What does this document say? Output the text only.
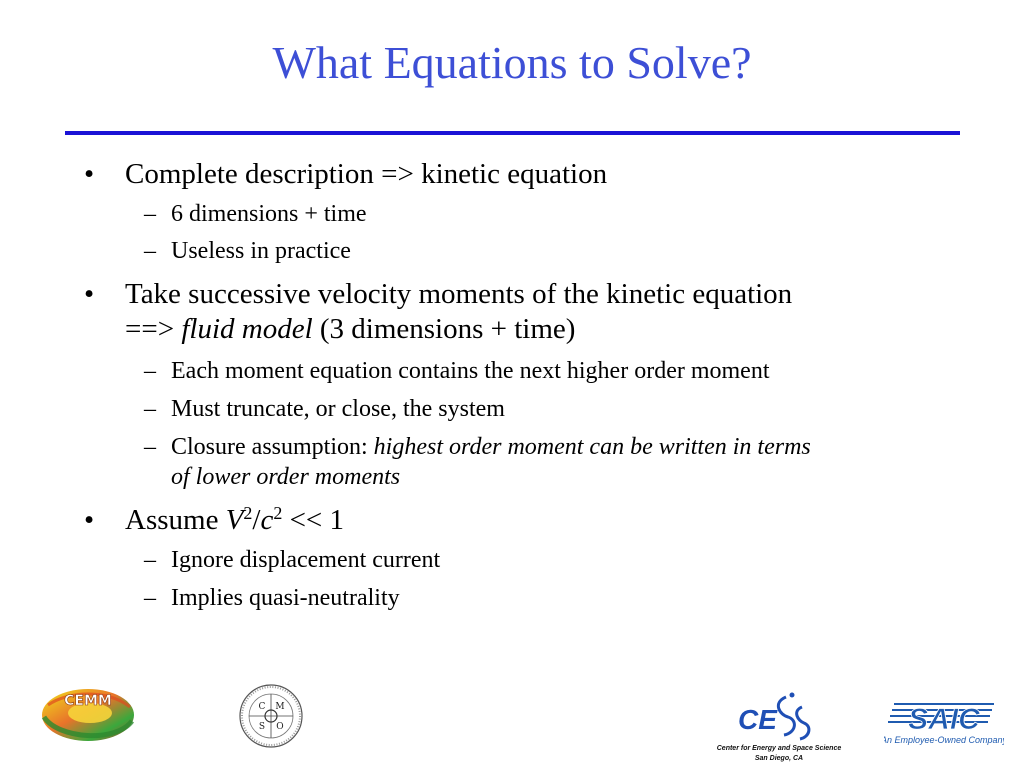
What Equations to Solve?
• Complete description => kinetic equation
– 6 dimensions + time
– Useless in practice
• Take successive velocity moments of the kinetic equation
==> fluid model (3 dimensions + time)
– Each moment equation contains the next higher order moment
– Must truncate, or close, the system
– Closure assumption: highest order moment can be written in terms
of lower order moments
• Assume $V^2/c^2 << 1$
– Ignore displacement current
– Implies quasi-neutrality
CEMM	C M
S O	CE
Center for Energy and Space Science
San Diego, CA
SAIC
An Employee-Owned Company
